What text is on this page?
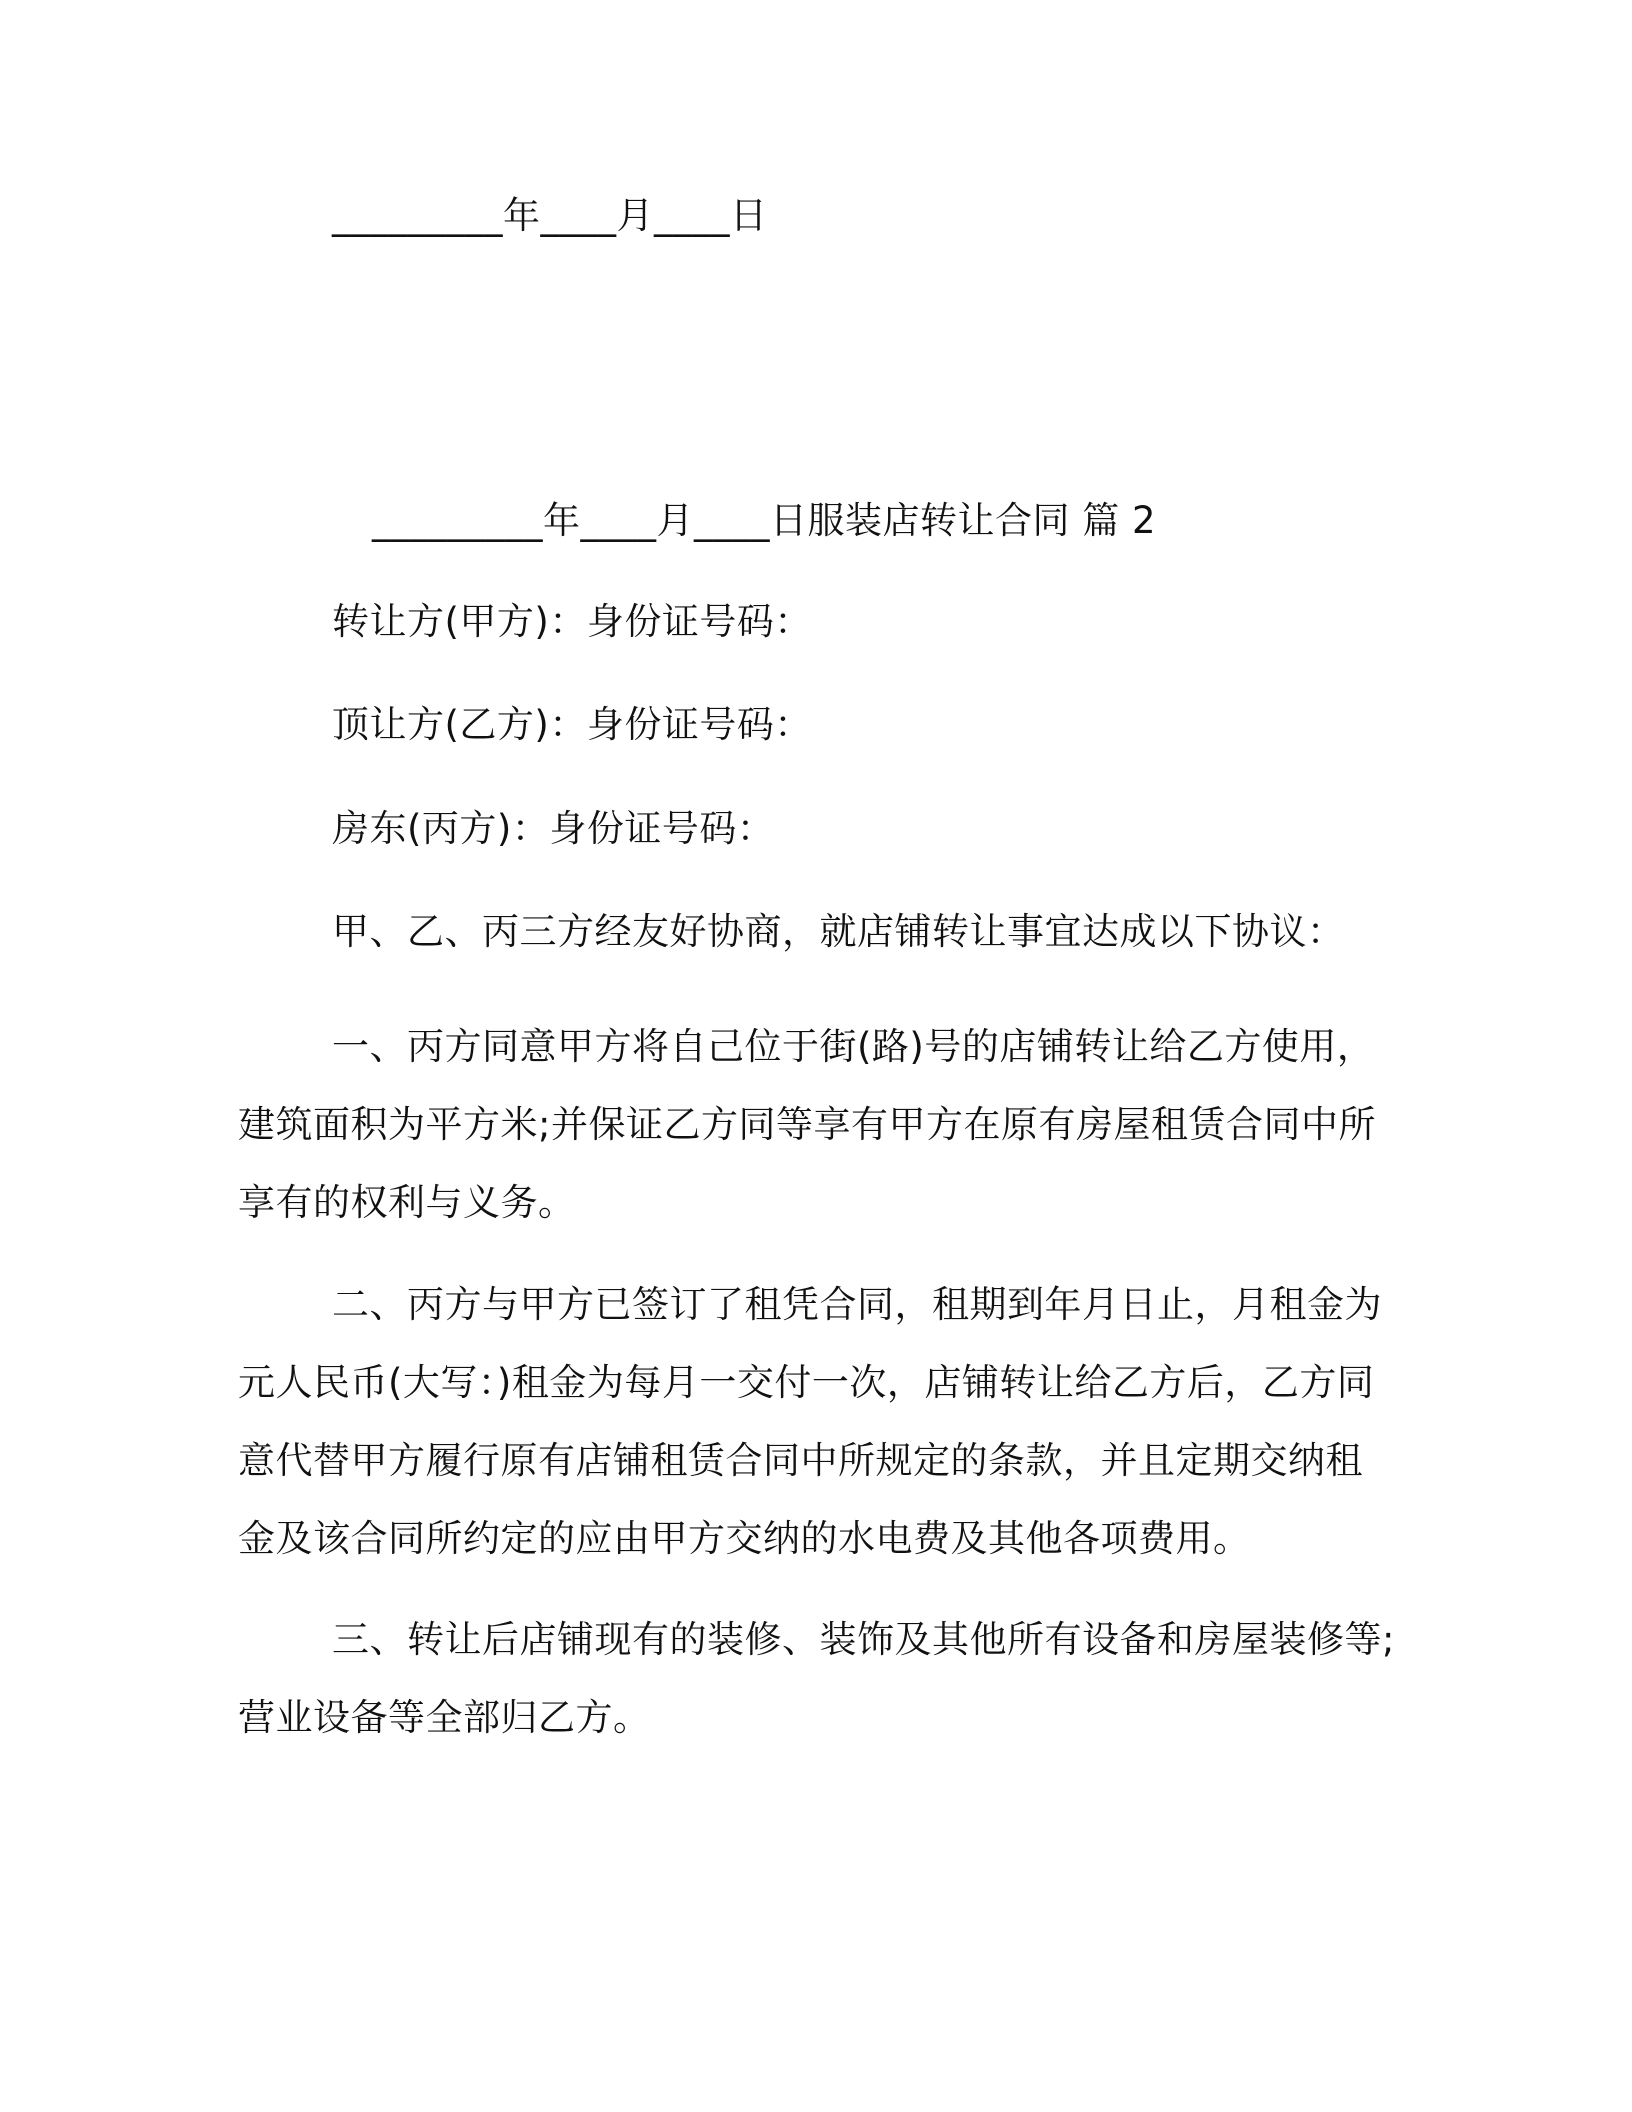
_________年____月____日
_________年____月____日服装店转让合同 篇 2
转让方(甲方)：身份证号码：
顶让方(乙方)：身份证号码：
房东(丙方)：身份证号码：
甲、乙、丙三方经友好协商，就店铺转让事宜达成以下协议：
一、丙方同意甲方将自己位于街(路)号的店铺转让给乙方使用，建筑面积为平方米;并保证乙方同等享有甲方在原有房屋租赁合同中所享有的权利与义务。
二、丙方与甲方已签订了租凭合同，租期到年月日止，月租金为元人民币(大写：)租金为每月一交付一次，店铺转让给乙方后，乙方同意代替甲方履行原有店铺租赁合同中所规定的条款，并且定期交纳租金及该合同所约定的应由甲方交纳的水电费及其他各项费用。
三、转让后店铺现有的装修、装饰及其他所有设备和房屋装修等;营业设备等全部归乙方。
